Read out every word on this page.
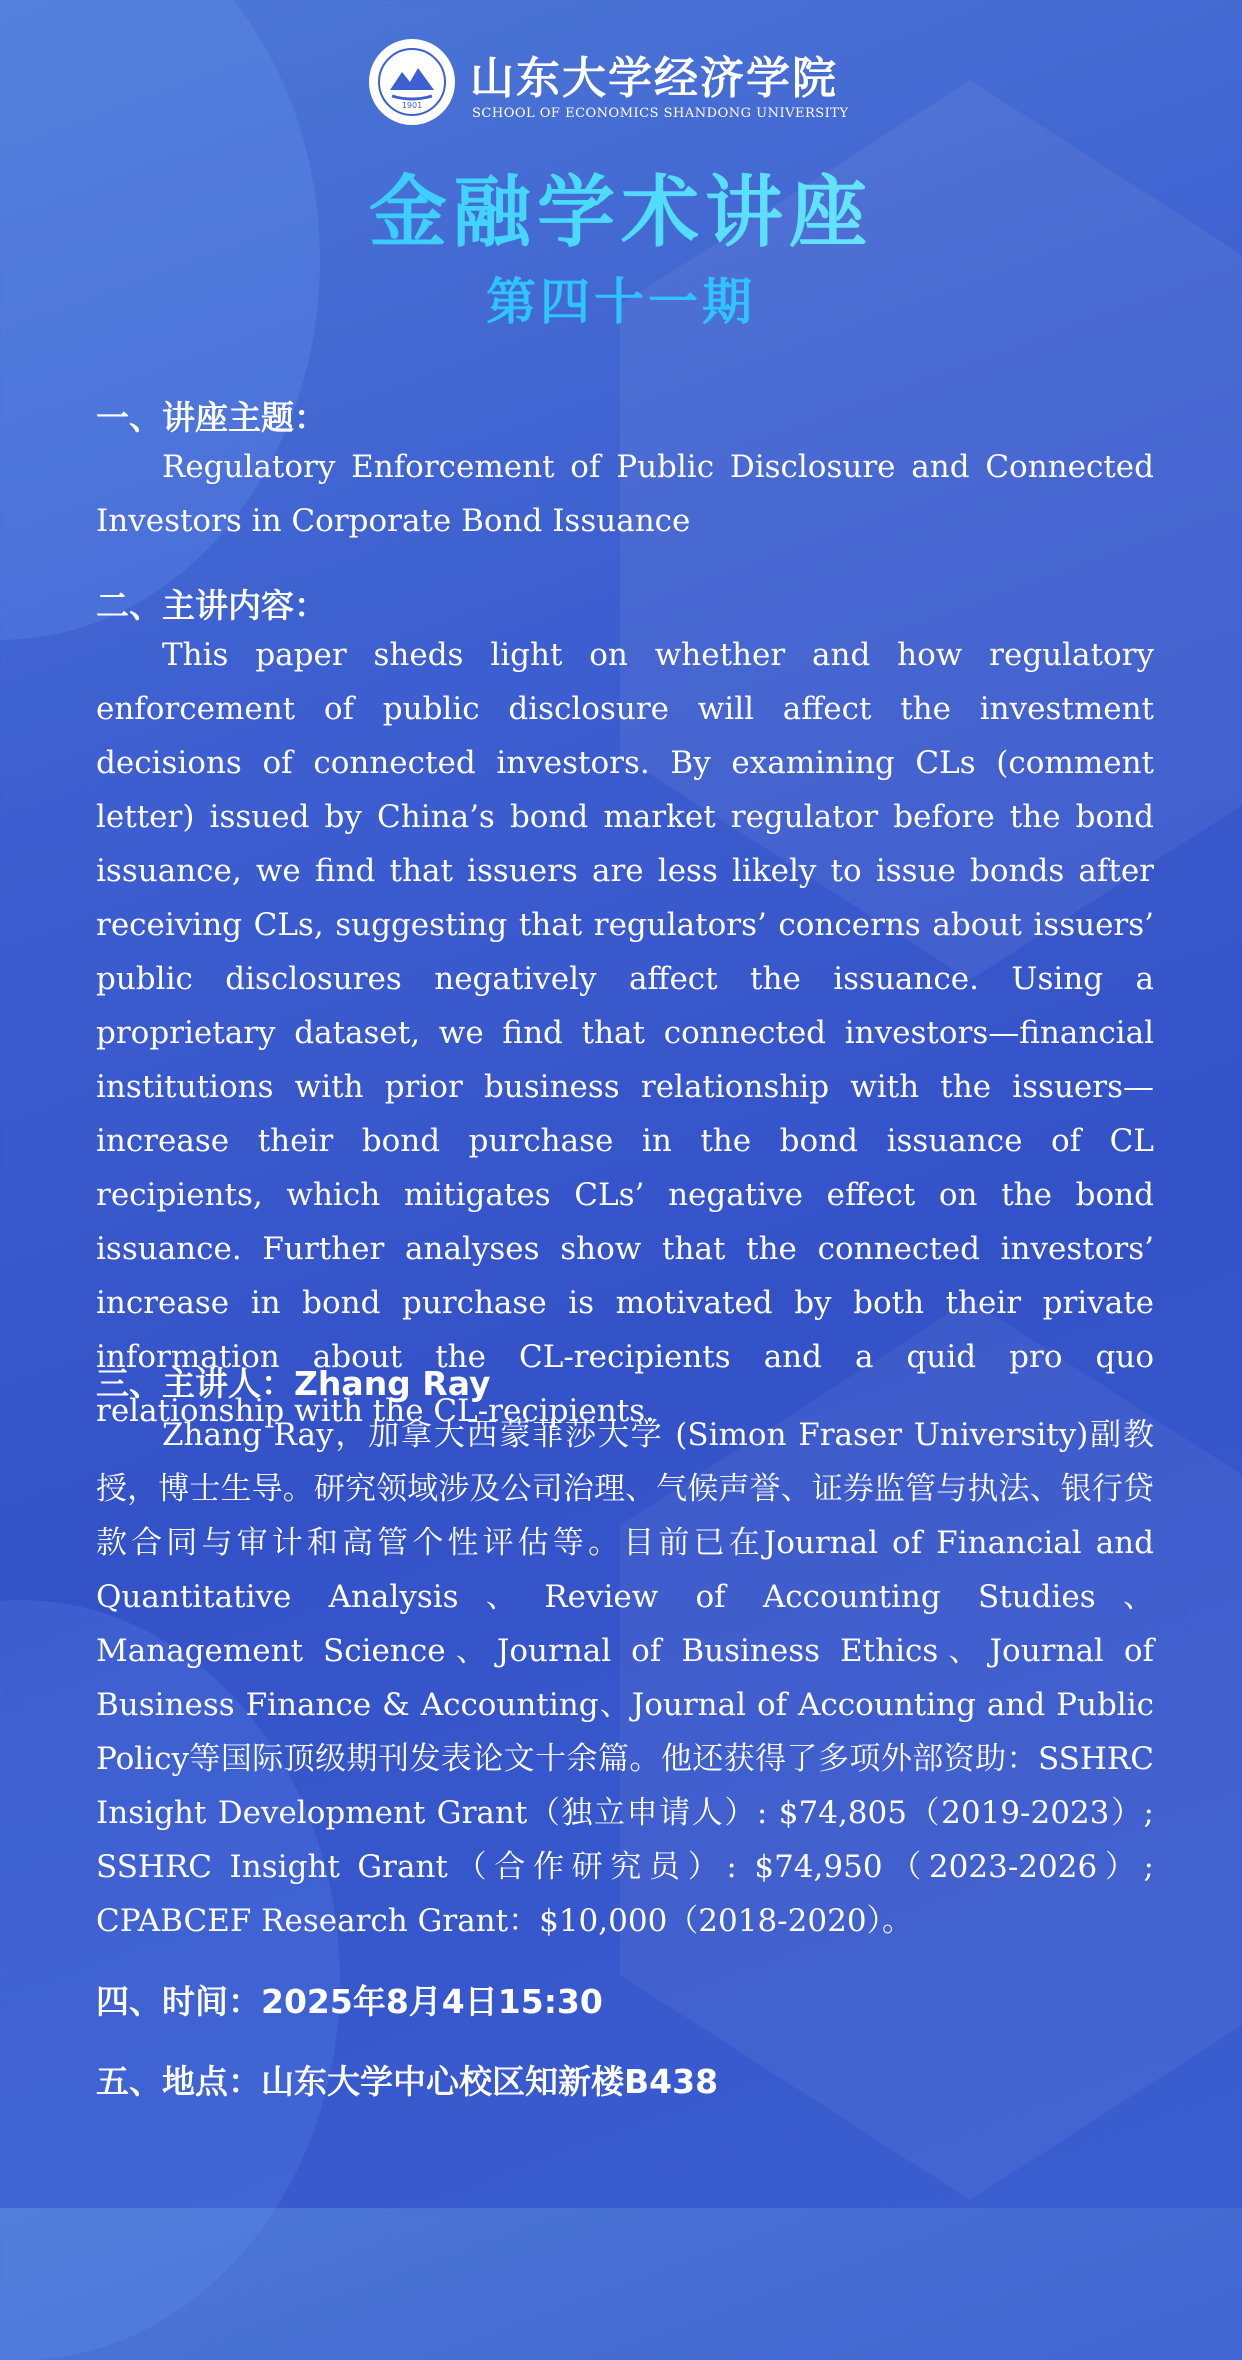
1901
山东大学经济学院
SCHOOL OF ECONOMICS SHANDONG UNIVERSITY
金融学术讲座
第四十一期
一、讲座主题：
Regulatory Enforcement of Public Disclosure and Connected Investors in Corporate Bond Issuance
二、主讲内容：
This paper sheds light on whether and how regulatory enforcement of public disclosure will affect the investment decisions of connected investors. By examining CLs (comment letter) issued by China’s bond market regulator before the bond issuance, we find that issuers are less likely to issue bonds after receiving CLs, suggesting that regulators’ concerns about issuers’ public disclosures negatively affect the issuance. Using a proprietary dataset, we find that connected investors—financial institutions with prior business relationship with the issuers—increase their bond purchase in the bond issuance of CL recipients, which mitigates CLs’ negative effect on the bond issuance. Further analyses show that the connected investors’ increase in bond purchase is motivated by both their private information about the CL-recipients and a quid pro quo relationship with the CL-recipients.
三、主讲人：Zhang Ray
Zhang Ray，加拿大西蒙菲莎大学 (Simon Fraser University)副教授，博士生导。研究领域涉及公司治理、气候声誉、证券监管与执法、银行贷款合同与审计和高管个性评估等。目前已在Journal of Financial and Quantitative Analysis、Review of Accounting Studies、Management Science、Journal of Business Ethics、Journal of Business Finance & Accounting、Journal of Accounting and Public Policy等国际顶级期刊发表论文十余篇。他还获得了多项外部资助：SSHRC Insight Development Grant（独立申请人）: $74,805（2019-2023）; SSHRC Insight Grant（合作研究员）: $74,950（2023-2026）; CPABCEF Research Grant：$10,000（2018-2020）。
四、时间：2025年8月4日15:30
五、地点：山东大学中心校区知新楼B438
